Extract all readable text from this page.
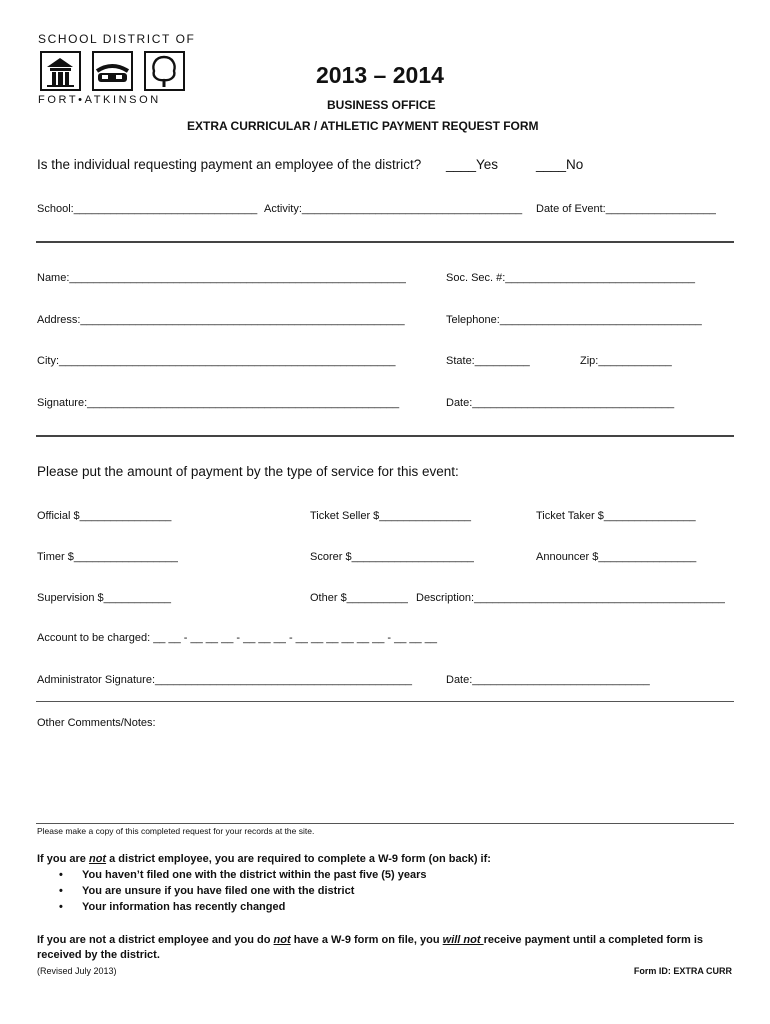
SCHOOL DISTRICT OF
FORT•ATKINSON
2013 – 2014
BUSINESS OFFICE
EXTRA CURRICULAR / ATHLETIC PAYMENT REQUEST FORM
Is the individual requesting payment an employee of the district? ____Yes	____No
School:______________________________ Activity:____________________________________ Date of Event:__________________
Name:_______________________________________________________	Soc. Sec. #:_______________________________
Address:_____________________________________________________	Telephone:_________________________________
City:_______________________________________________________	State:_________	Zip:____________
Signature:___________________________________________________	Date:_________________________________
Please put the amount of payment by the type of service for this event:
Official $_______________	Ticket Seller $_______________	Ticket Taker $_______________
Timer $_________________	Scorer $____________________	Announcer $________________
Supervision $___________	Other $__________ Description:_________________________________________
Account to be charged: __ __ - __ __ __ - __ __ __ - __ __ __ __ __ __ - __ __ __
Administrator Signature:__________________________________________	Date:_____________________________
Other Comments/Notes:
Please make a copy of this completed request for your records at the site.
If you are not a district employee, you are required to complete a W-9 form (on back) if:
• You haven’t filed one with the district within the past five (5) years
• You are unsure if you have filed one with the district
• Your information has recently changed
If you are not a district employee and you do not have a W-9 form on file, you will not receive payment until a completed form is
received by the district.
(Revised July 2013)	Form ID: EXTRA CURR
